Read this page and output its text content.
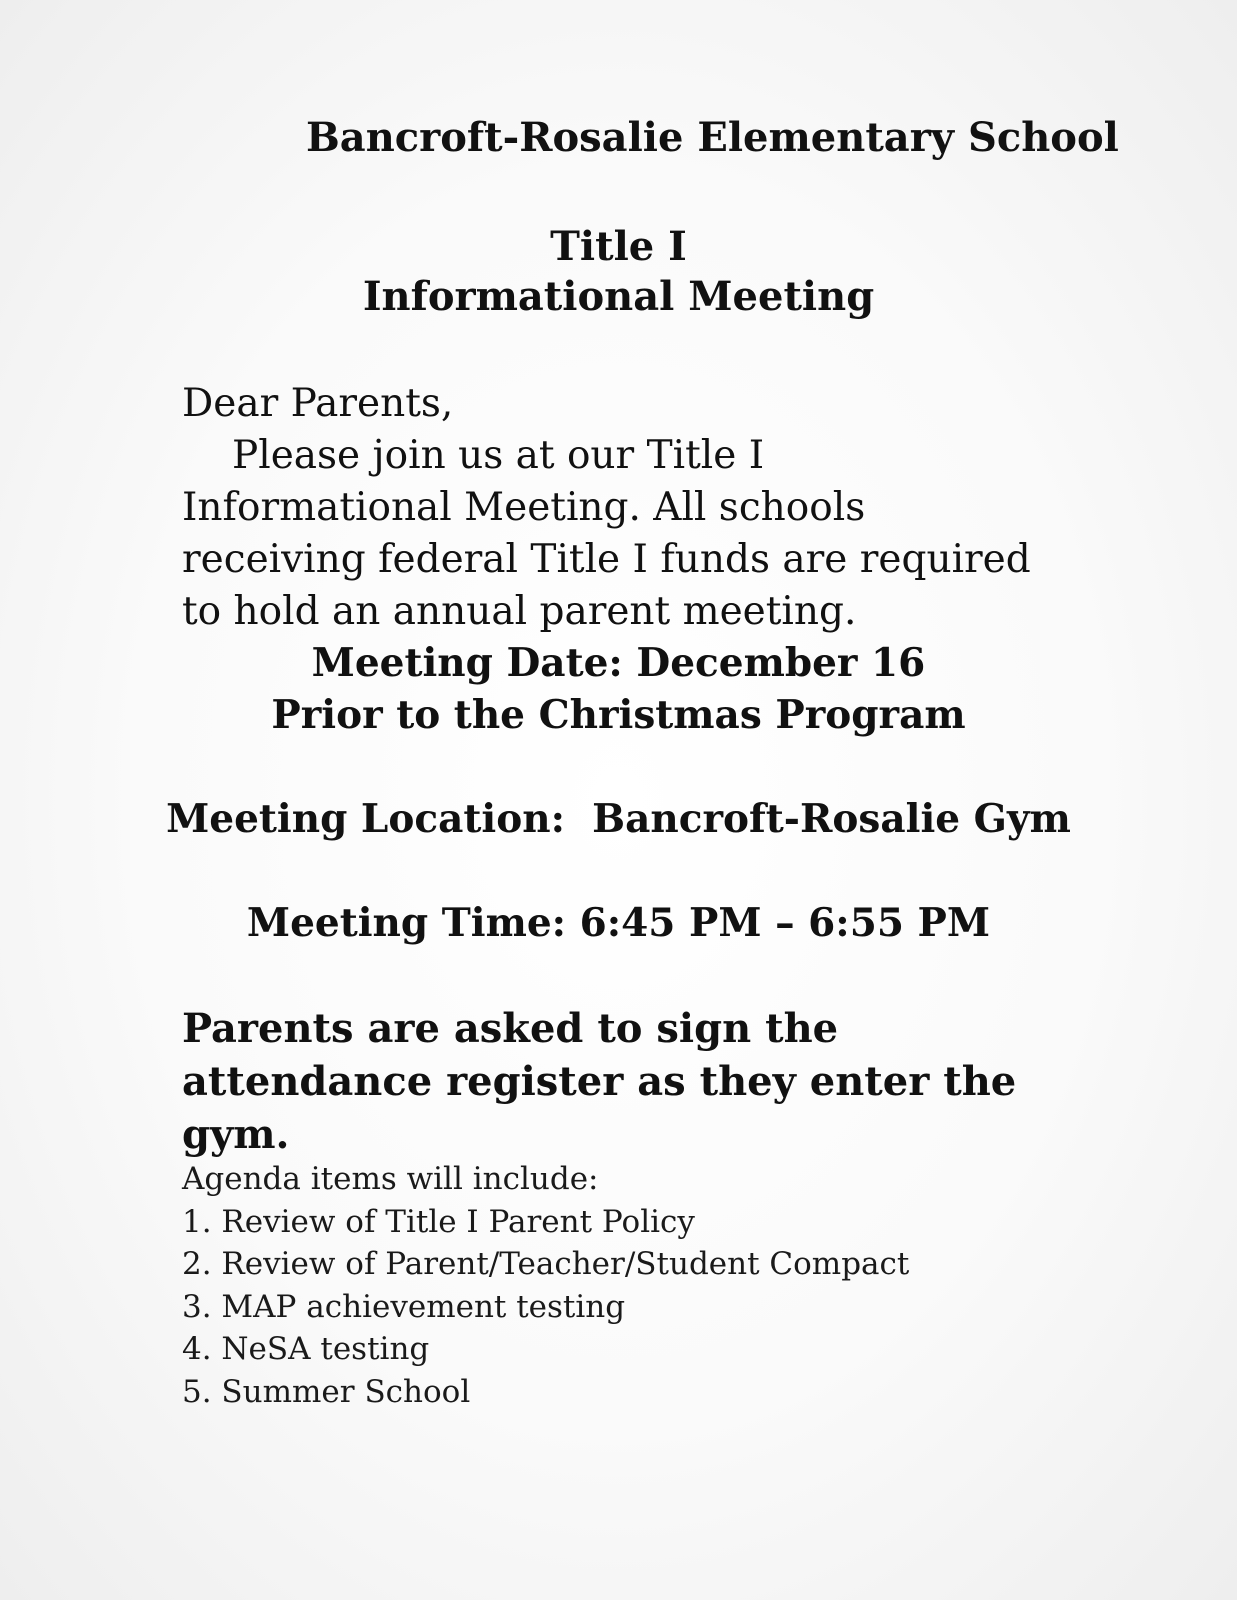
Bancroft-Rosalie Elementary School
Title I
Informational Meeting
Dear Parents,
Please join us at our Title I Informational Meeting. All schools receiving federal Title I funds are required to hold an annual parent meeting.
Meeting Date: December 16
Prior to the Christmas Program
Meeting Location:  Bancroft-Rosalie Gym
Meeting Time: 6:45 PM – 6:55 PM
Parents are asked to sign the attendance register as they enter the gym.
Agenda items will include:
1. Review of Title I Parent Policy
2. Review of Parent/Teacher/Student Compact
3. MAP achievement testing
4. NeSA testing
5. Summer School
